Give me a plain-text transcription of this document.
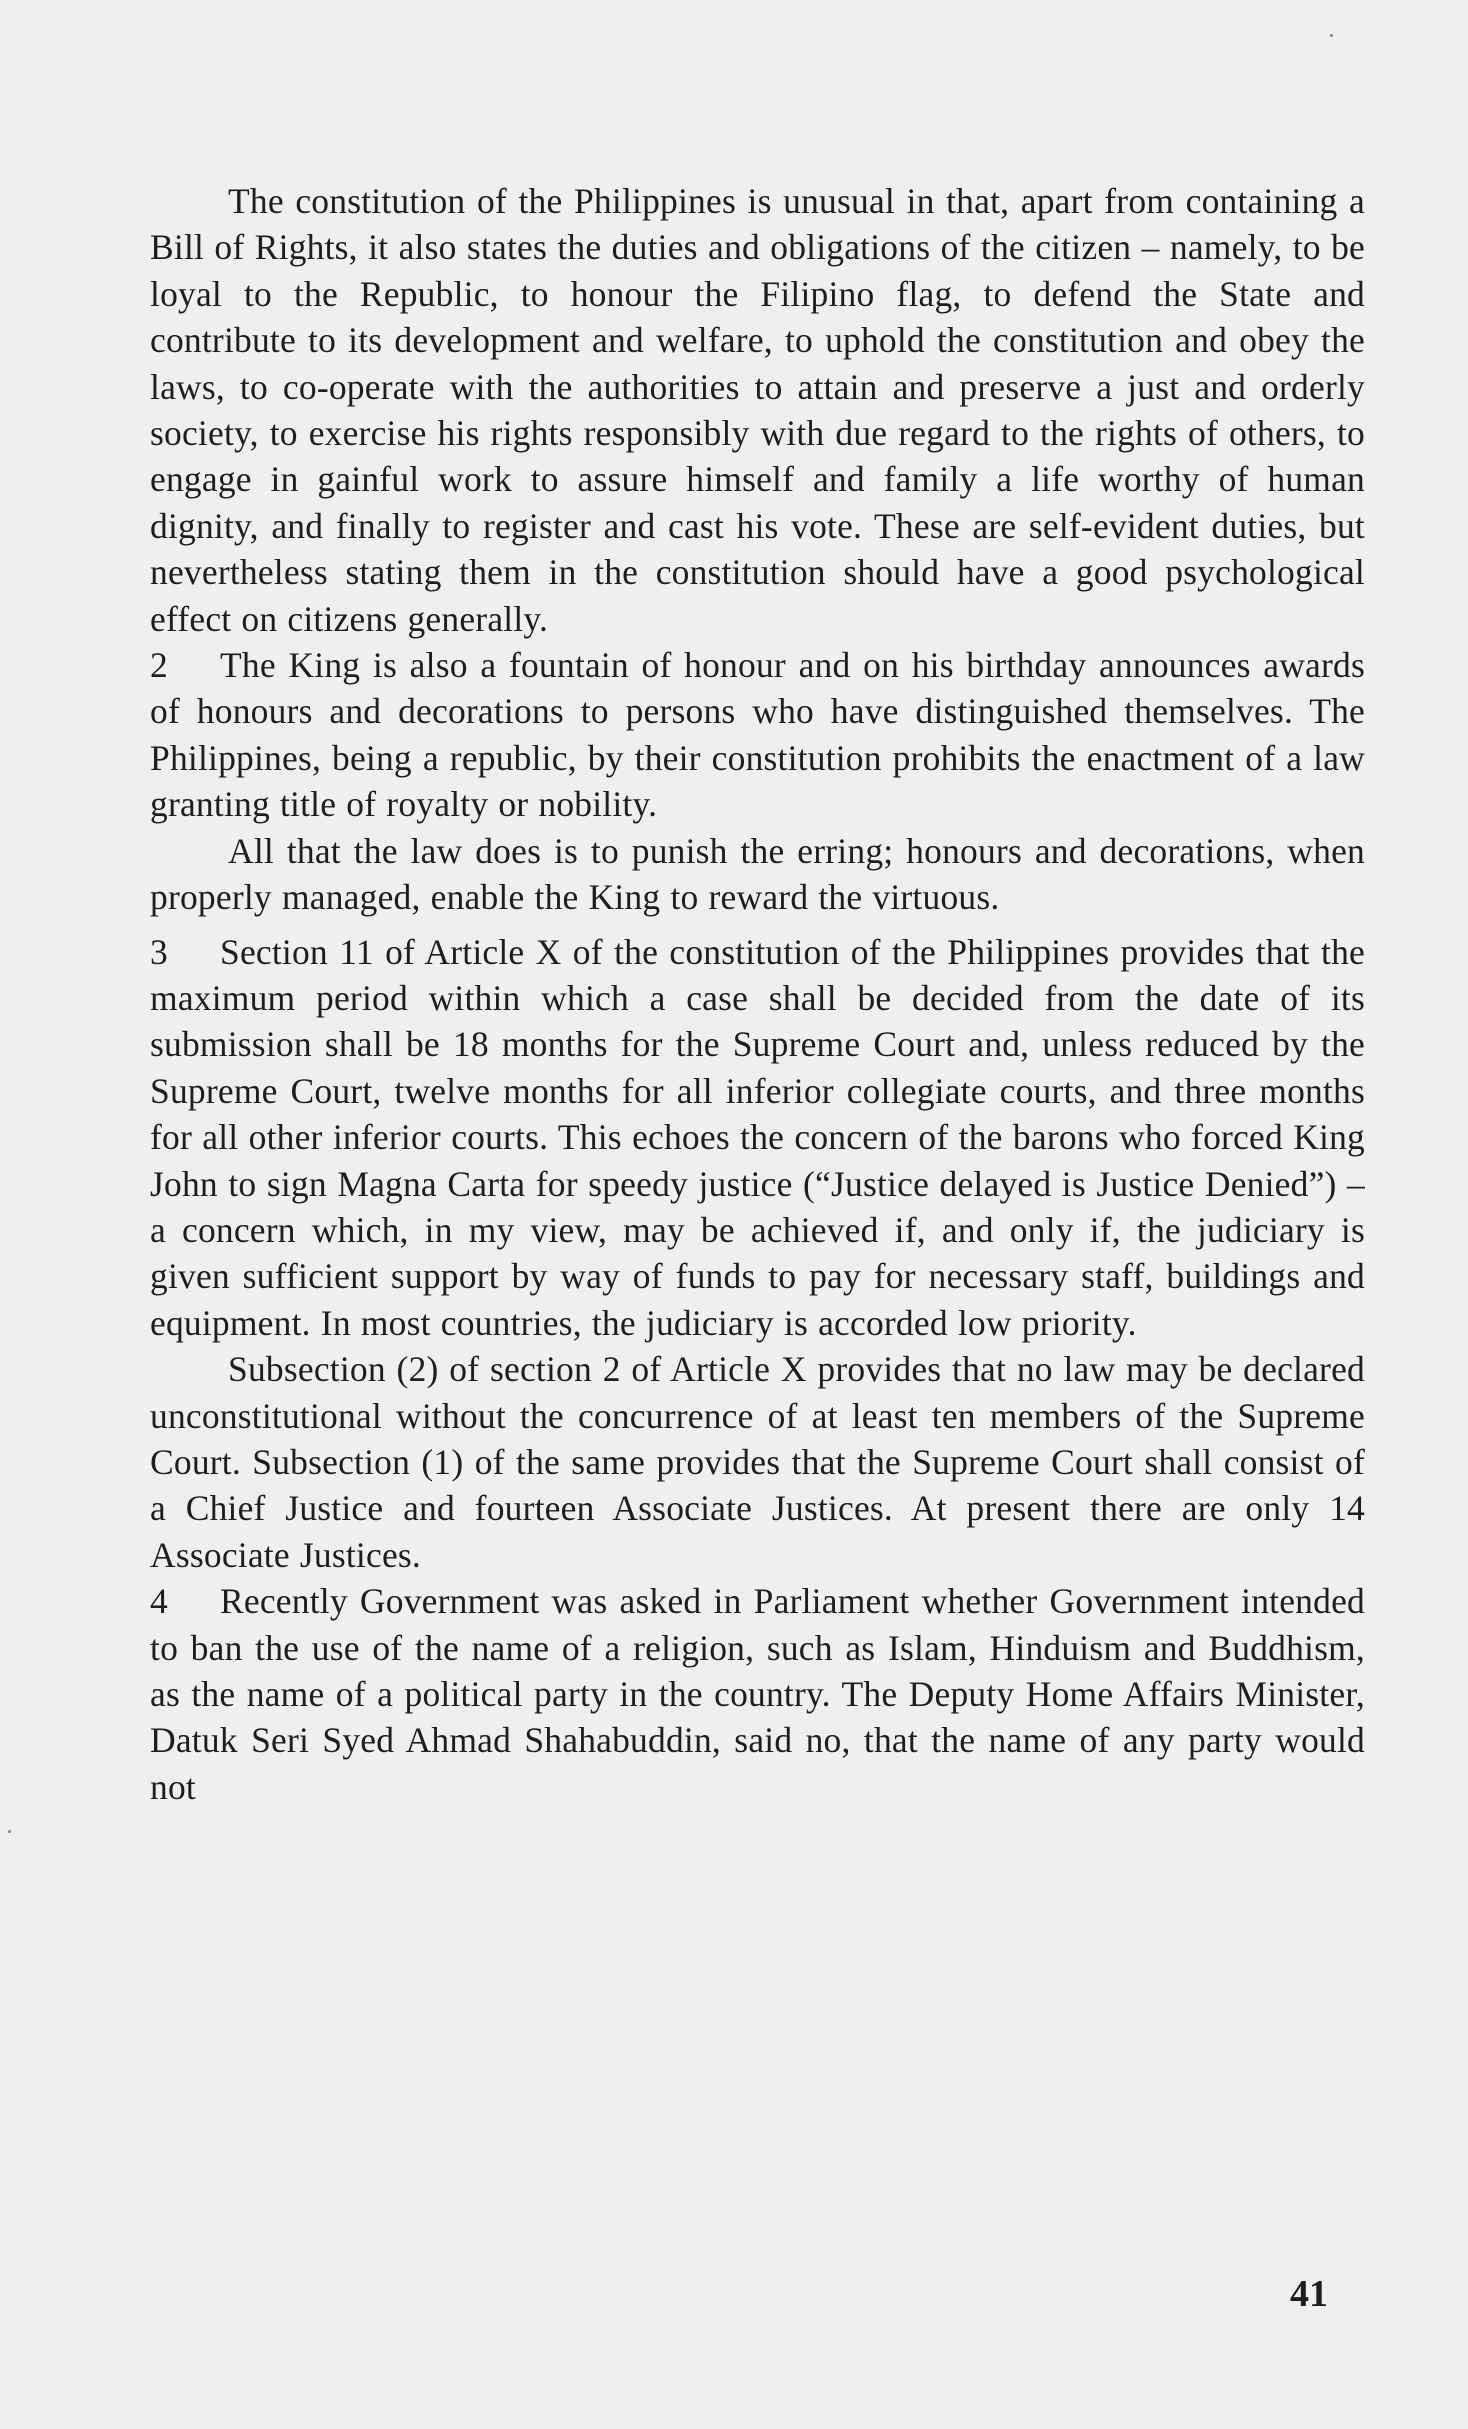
The constitution of the Philippines is unusual in that, apart from containing a Bill of Rights, it also states the duties and obligations of the citizen – namely, to be loyal to the Republic, to honour the Filipino flag, to defend the State and contribute to its development and welfare, to uphold the constitution and obey the laws, to co-operate with the authorities to attain and preserve a just and orderly society, to exercise his rights responsibly with due regard to the rights of others, to engage in gainful work to assure himself and family a life worthy of human dignity, and finally to register and cast his vote. These are self-evident duties, but nevertheless stating them in the constitution should have a good psychological effect on citizens generally.

2 The King is also a fountain of honour and on his birthday announces awards of honours and decorations to persons who have distinguished themselves. The Philippines, being a republic, by their constitution prohibits the enactment of a law granting title of royalty or nobility.

All that the law does is to punish the erring; honours and decorations, when properly managed, enable the King to reward the virtuous.

3 Section 11 of Article X of the constitution of the Philippines provides that the maximum period within which a case shall be decided from the date of its submission shall be 18 months for the Supreme Court and, unless reduced by the Supreme Court, twelve months for all inferior collegiate courts, and three months for all other inferior courts. This echoes the concern of the barons who forced King John to sign Magna Carta for speedy justice (“Justice delayed is Justice Denied”) – a concern which, in my view, may be achieved if, and only if, the judiciary is given sufficient support by way of funds to pay for necessary staff, buildings and equipment. In most countries, the judiciary is accorded low priority.

Subsection (2) of section 2 of Article X provides that no law may be declared unconstitutional without the concurrence of at least ten members of the Supreme Court. Subsection (1) of the same provides that the Supreme Court shall consist of a Chief Justice and fourteen Associate Justices. At present there are only 14 Associate Justices.

4 Recently Government was asked in Parliament whether Government intended to ban the use of the name of a religion, such as Islam, Hinduism and Buddhism, as the name of a political party in the country. The Deputy Home Affairs Minister, Datuk Seri Syed Ahmad Shahabuddin, said no, that the name of any party would not

41
